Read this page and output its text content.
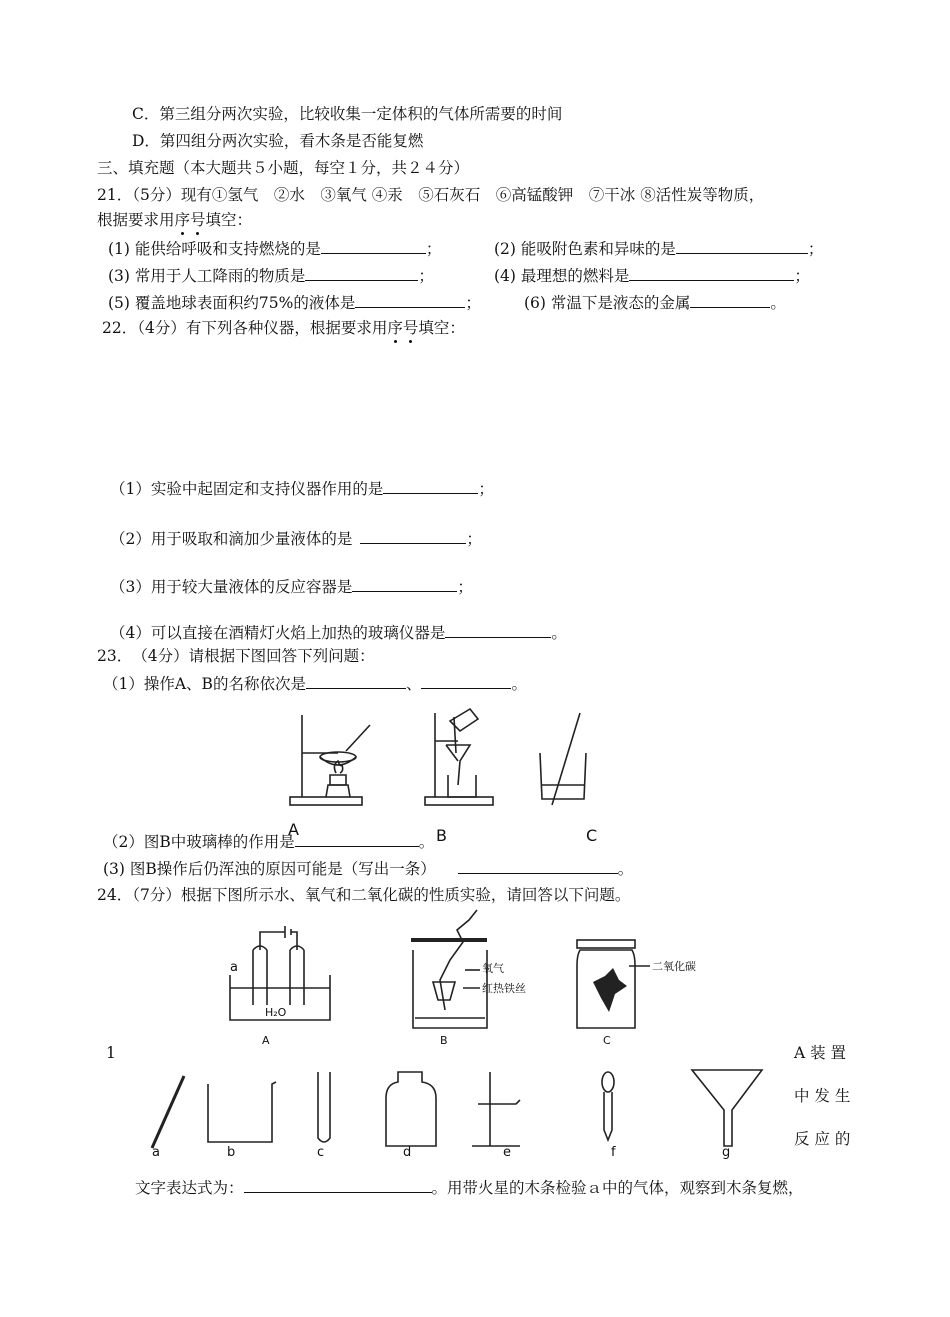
C．第三组分两次实验，比较收集一定体积的气体所需要的时间
D．第四组分两次实验，看木条是否能复燃
三、填充题（本大题共５小题，每空１分，共２４分）
21．（5分）现有①氢气　②水　③氧气 ④汞　⑤石灰石　⑥高锰酸钾　⑦干冰 ⑧活性炭等物质，
根据要求用序号填空：
(1) 能供给呼吸和支持燃烧的是	；	(2) 能吸附色素和异味的是	；
(3) 常用于人工降雨的物质是	；	(4) 最理想的燃料是	；
(5) 覆盖地球表面积约75%的液体是	；	(6) 常温下是液态的金属	。
22．（4分）有下列各种仪器，根据要求用序号填空：
（1）实验中起固定和支持仪器作用的是	；
（2）用于吸取和滴加少量液体的是	；
（3）用于较大量液体的反应容器是	；
（4）可以直接在酒精灯火焰上加热的玻璃仪器是	。
23．　（4分）请根据下图回答下列问题：
（1）操作A、B的名称依次是	、	。
A	B	C
（2）图B中玻璃棒的作用是	。
(3) 图B操作后仍浑浊的原因可能是（写出一条）	。
24．（7分）根据下图所示水、氧气和二氧化碳的性质实验，请回答以下问题。
a
H₂O
氧气
红热铁丝
二氧化碳
A	B	C
1
a	b	c	d	e	f	g
A 装 置
中 发 生
反 应 的
文字表达式为：	。用带火星的木条检验ａ中的气体，观察到木条复燃，
